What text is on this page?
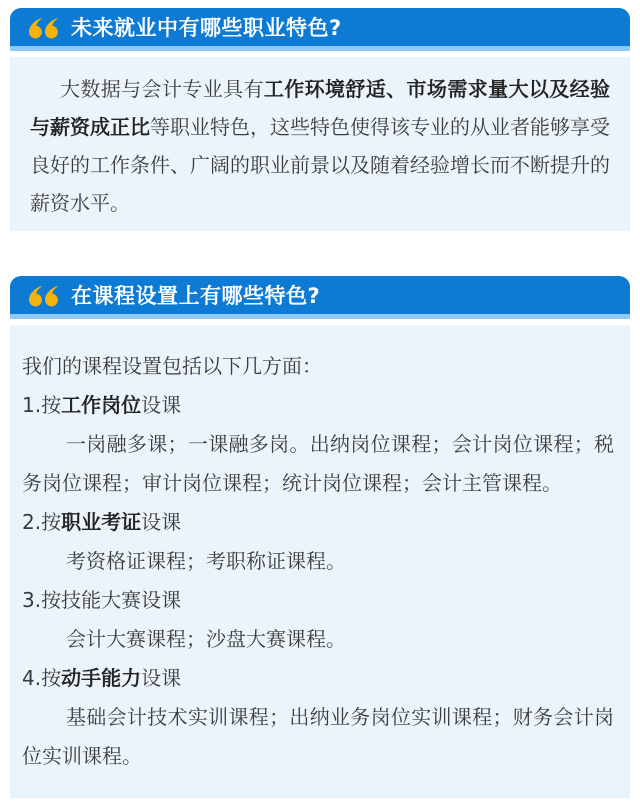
未来就业中有哪些职业特色?

大数据与会计专业具有工作环境舒适、市场需求量大以及经验与薪资成正比等职业特色，这些特色使得该专业的从业者能够享受良好的工作条件、广阔的职业前景以及随着经验增长而不断提升的薪资水平。

在课程设置上有哪些特色?

我们的课程设置包括以下几方面：

1.按工作岗位设课

一岗融多课；一课融多岗。出纳岗位课程；会计岗位课程；税务岗位课程；审计岗位课程；统计岗位课程；会计主管课程。

2.按职业考证设课

考资格证课程；考职称证课程。

3.按技能大赛设课

会计大赛课程；沙盘大赛课程。

4.按动手能力设课

基础会计技术实训课程；出纳业务岗位实训课程；财务会计岗位实训课程。
